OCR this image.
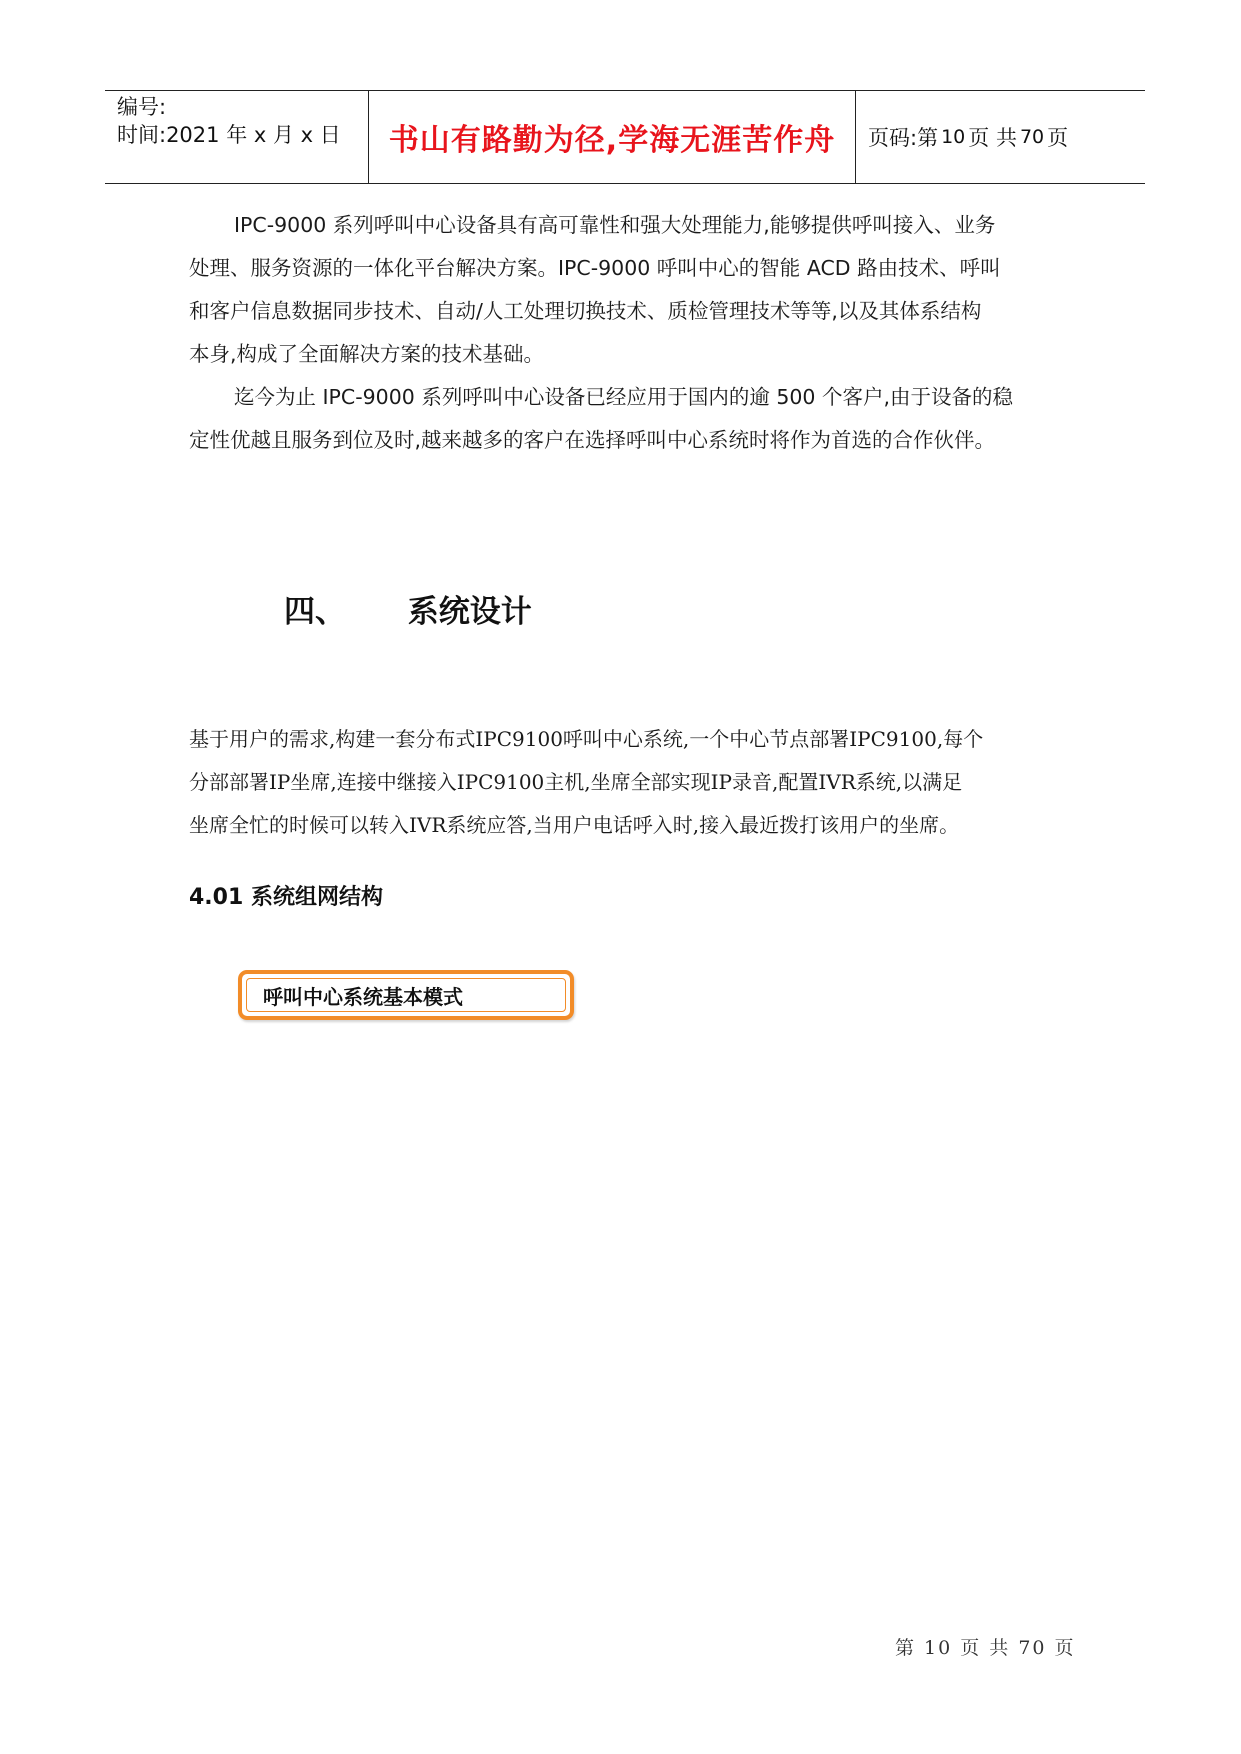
编号:
时间:2021 年 x 月 x 日	书山有路勤为径,学海无涯苦作舟	页码:第 10 页 共 70 页
IPC-9000 系列呼叫中心设备具有高可靠性和强大处理能力,能够提供呼叫接入、业务
处理、服务资源的一体化平台解决方案。IPC-9000 呼叫中心的智能 ACD 路由技术、呼叫
和客户信息数据同步技术、自动/人工处理切换技术、质检管理技术等等,以及其体系结构
本身,构成了全面解决方案的技术基础。
迄今为止 IPC-9000 系列呼叫中心设备已经应用于国内的逾 500 个客户,由于设备的稳
定性优越且服务到位及时,越来越多的客户在选择呼叫中心系统时将作为首选的合作伙伴。
四、 系统设计
基于用户的需求,构建一套分布式IPC9100呼叫中心系统,一个中心节点部署IPC9100,每个
分部部署IP坐席,连接中继接入IPC9100主机,坐席全部实现IP录音,配置IVR系统,以满足
坐席全忙的时候可以转入IVR系统应答,当用户电话呼入时,接入最近拨打该用户的坐席。
4.01 系统组网结构
呼叫中心系统基本模式
第 10 页 共 70 页
